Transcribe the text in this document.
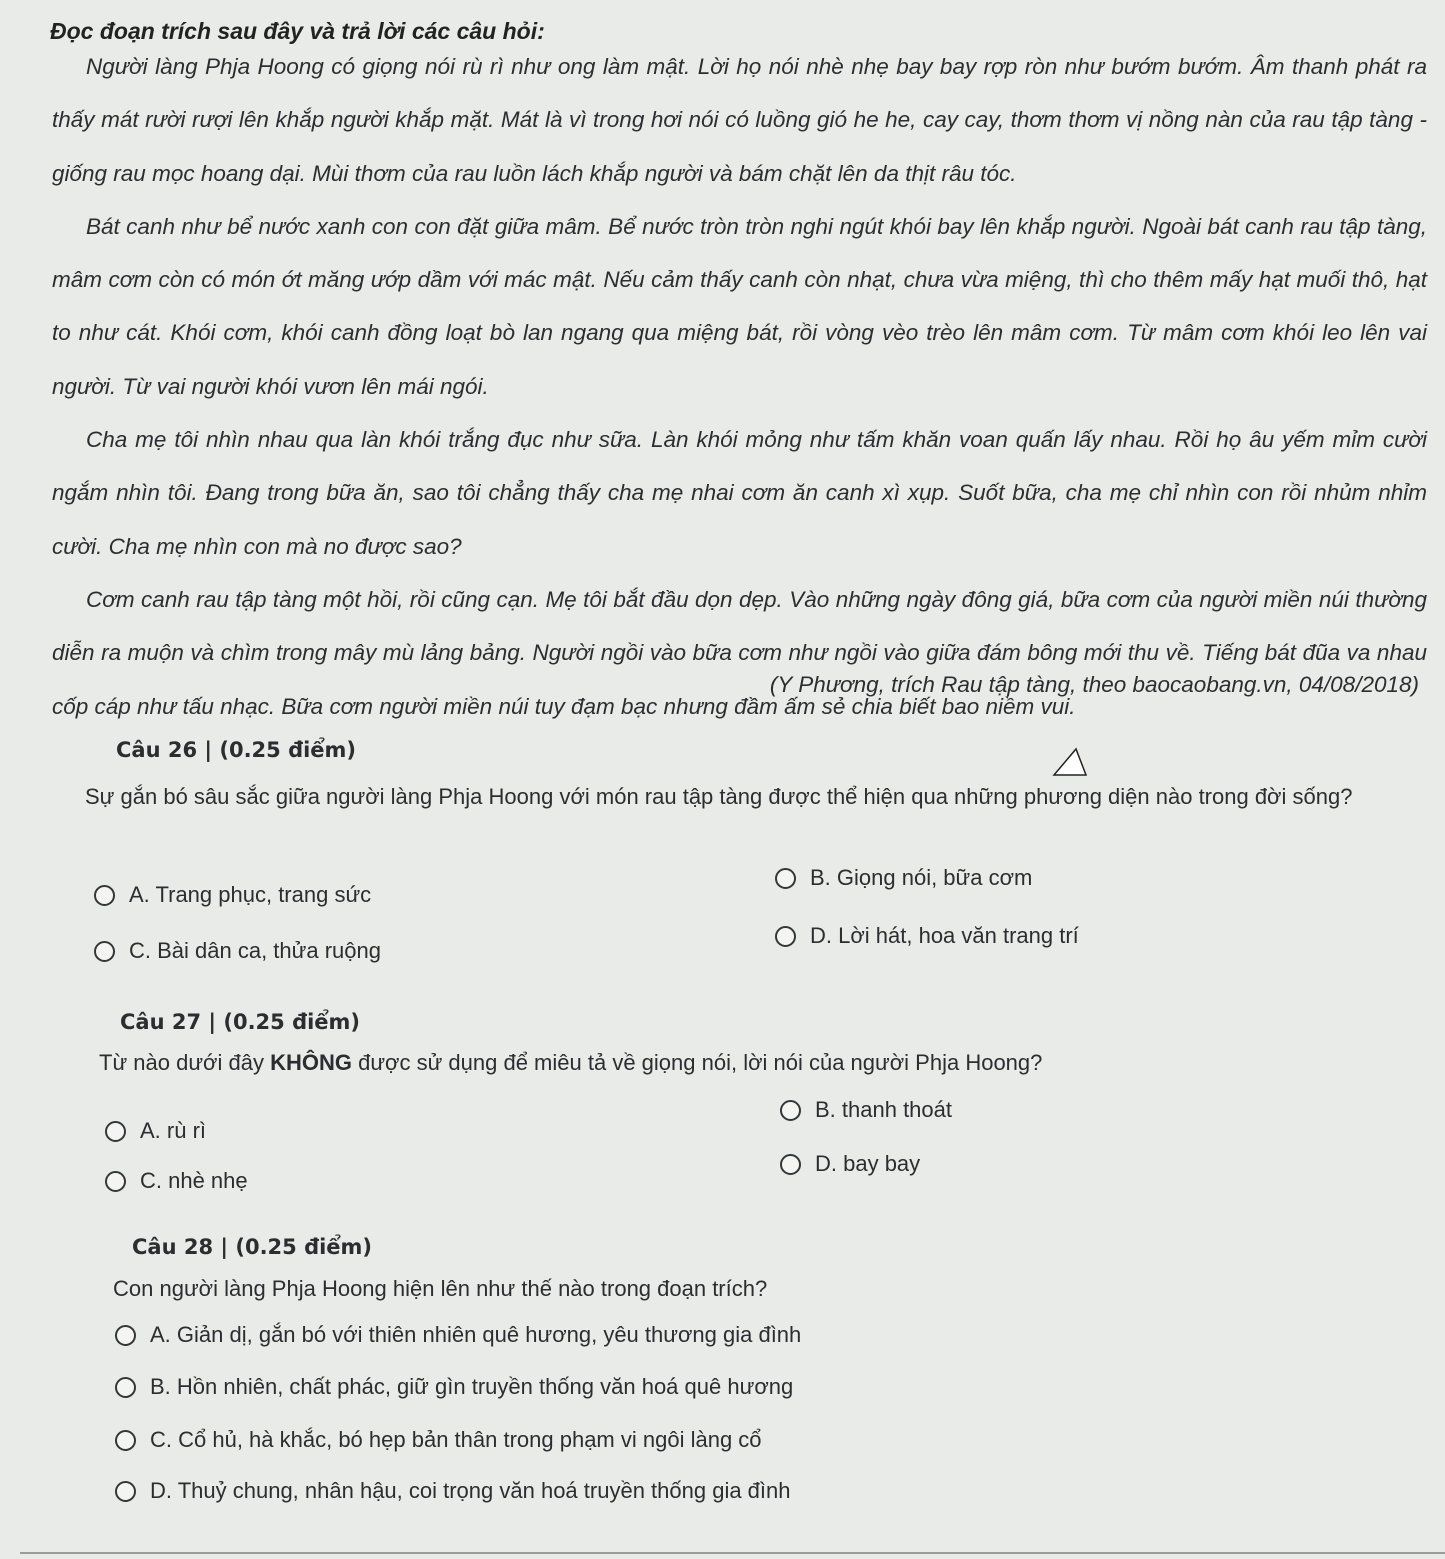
Đọc đoạn trích sau đây và trả lời các câu hỏi:

Người làng Phja Hoong có giọng nói rù rì như ong làm mật. Lời họ nói nhè nhẹ bay bay rợp ròn như bướm bướm. Âm thanh phát ra thấy mát rười rượi lên khắp người khắp mặt. Mát là vì trong hơi nói có luồng gió he he, cay cay, thơm thơm vị nồng nàn của rau tập tàng - giống rau mọc hoang dại. Mùi thơm của rau luồn lách khắp người và bám chặt lên da thịt râu tóc.

Bát canh như bể nước xanh con con đặt giữa mâm. Bể nước tròn tròn nghi ngút khói bay lên khắp người. Ngoài bát canh rau tập tàng, mâm cơm còn có món ớt măng ướp dầm với mác mật. Nếu cảm thấy canh còn nhạt, chưa vừa miệng, thì cho thêm mấy hạt muối thô, hạt to như cát. Khói cơm, khói canh đồng loạt bò lan ngang qua miệng bát, rồi vòng vèo trèo lên mâm cơm. Từ mâm cơm khói leo lên vai người. Từ vai người khói vươn lên mái ngói.

Cha mẹ tôi nhìn nhau qua làn khói trắng đục như sữa. Làn khói mỏng như tấm khăn voan quấn lấy nhau. Rồi họ âu yếm mỉm cười ngắm nhìn tôi. Đang trong bữa ăn, sao tôi chẳng thấy cha mẹ nhai cơm ăn canh xì xụp. Suốt bữa, cha mẹ chỉ nhìn con rồi nhủm nhỉm cười. Cha mẹ nhìn con mà no được sao?

Cơm canh rau tập tàng một hồi, rồi cũng cạn. Mẹ tôi bắt đầu dọn dẹp. Vào những ngày đông giá, bữa cơm của người miền núi thường diễn ra muộn và chìm trong mây mù lảng bảng. Người ngồi vào bữa cơm như ngồi vào giữa đám bông mới thu về. Tiếng bát đũa va nhau cốp cáp như tấu nhạc. Bữa cơm người miền núi tuy đạm bạc nhưng đầm ấm sẻ chia biết bao niềm vui.

(Y Phương, trích Rau tập tàng, theo baocaobang.vn, 04/08/2018)
Câu 26 | (0.25 điểm)
Sự gắn bó sâu sắc giữa người làng Phja Hoong với món rau tập tàng được thể hiện qua những phương diện nào trong đời sống?
A. Trang phục, trang sức
B. Giọng nói, bữa cơm
C. Bài dân ca, thửa ruộng
D. Lời hát, hoa văn trang trí
Câu 27 | (0.25 điểm)
Từ nào dưới đây KHÔNG được sử dụng để miêu tả về giọng nói, lời nói của người Phja Hoong?
A. rù rì
B. thanh thoát
C. nhè nhẹ
D. bay bay
Câu 28 | (0.25 điểm)
Con người làng Phja Hoong hiện lên như thế nào trong đoạn trích?
A. Giản dị, gắn bó với thiên nhiên quê hương, yêu thương gia đình
B. Hồn nhiên, chất phác, giữ gìn truyền thống văn hoá quê hương
C. Cổ hủ, hà khắc, bó hẹp bản thân trong phạm vi ngôi làng cổ
D. Thuỷ chung, nhân hậu, coi trọng văn hoá truyền thống gia đình
